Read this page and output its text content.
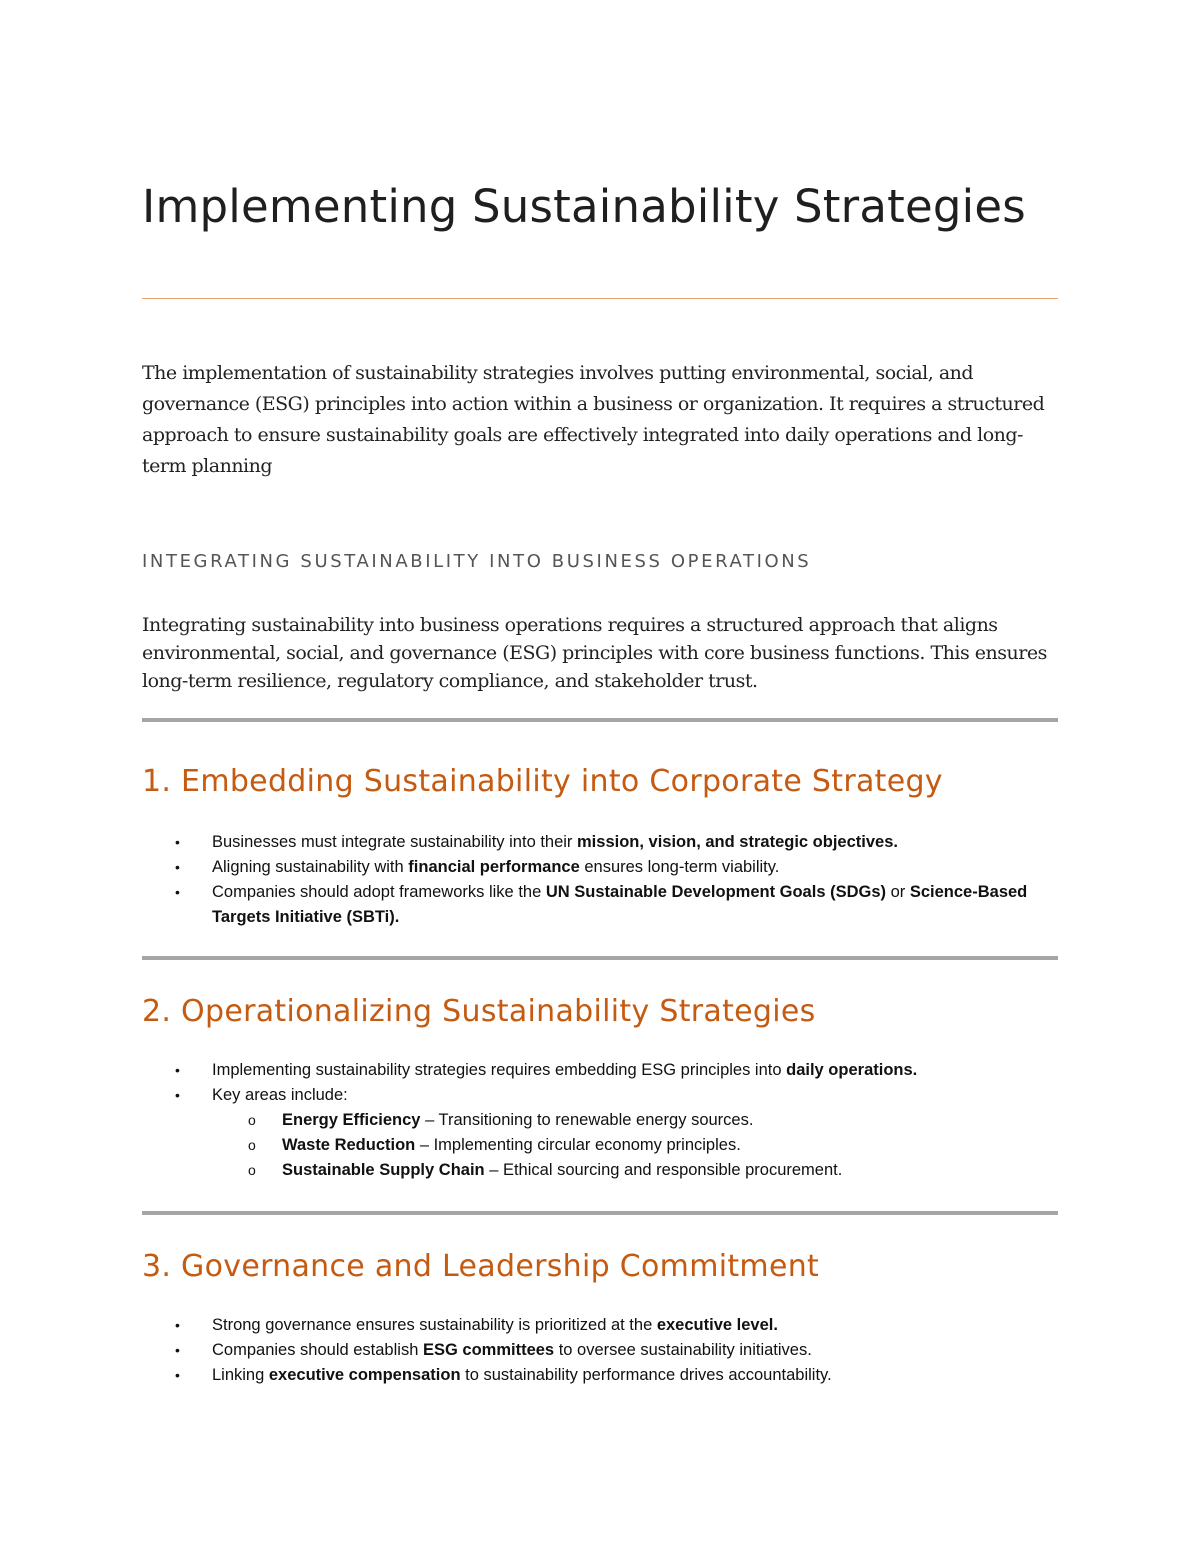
Implementing Sustainability Strategies

The implementation of sustainability strategies involves putting environmental, social, and governance (ESG) principles into action within a business or organization. It requires a structured approach to ensure sustainability goals are effectively integrated into daily operations and long-term planning

INTEGRATING SUSTAINABILITY INTO BUSINESS OPERATIONS

Integrating sustainability into business operations requires a structured approach that aligns environmental, social, and governance (ESG) principles with core business functions. This ensures long-term resilience, regulatory compliance, and stakeholder trust.

1. Embedding Sustainability into Corporate Strategy
• Businesses must integrate sustainability into their mission, vision, and strategic objectives.
• Aligning sustainability with financial performance ensures long-term viability.
• Companies should adopt frameworks like the UN Sustainable Development Goals (SDGs) or Science-Based Targets Initiative (SBTi).
2. Operationalizing Sustainability Strategies
• Implementing sustainability strategies requires embedding ESG principles into daily operations.
• Key areas include:
o Energy Efficiency – Transitioning to renewable energy sources.
o Waste Reduction – Implementing circular economy principles.
o Sustainable Supply Chain – Ethical sourcing and responsible procurement.
3. Governance and Leadership Commitment
• Strong governance ensures sustainability is prioritized at the executive level.
• Companies should establish ESG committees to oversee sustainability initiatives.
• Linking executive compensation to sustainability performance drives accountability.
